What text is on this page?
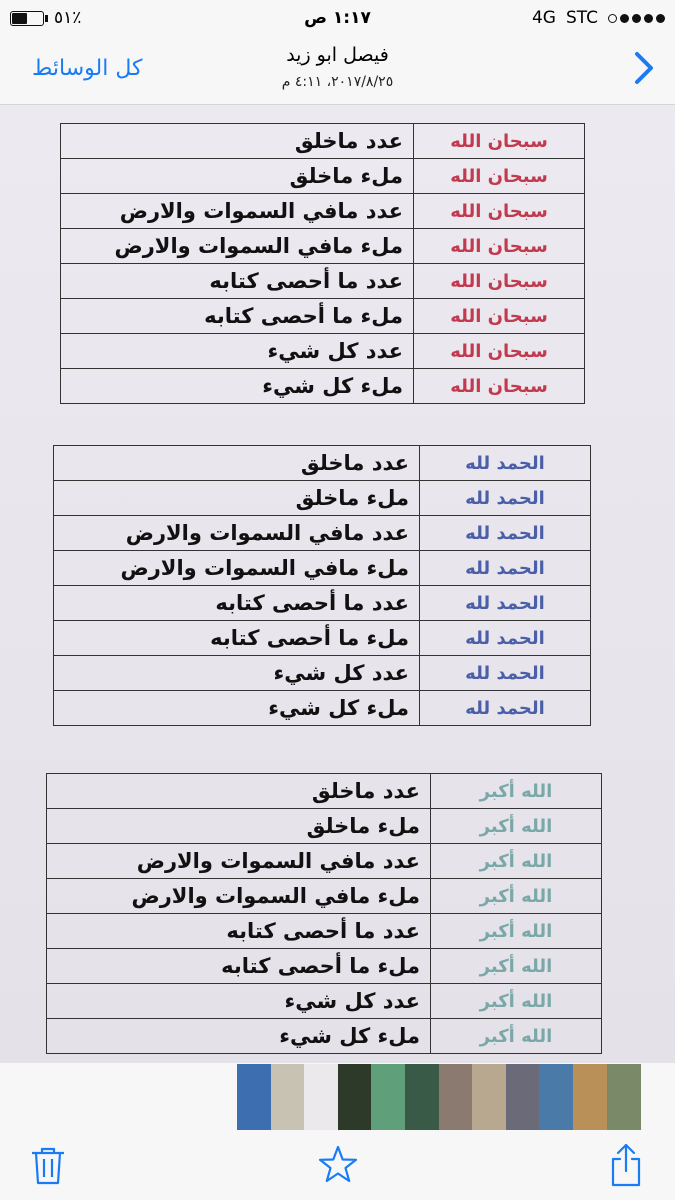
٥١٪	١:١٧ ص	4G STC
كل الوسائط
فيصل ابو زيد
٢٠١٧/٨/٢٥، ٤:١١ م
سبحان الله	عدد ماخلق
سبحان الله	ملء ماخلق
سبحان الله	عدد مافي السموات والارض
سبحان الله	ملء مافي السموات والارض
سبحان الله	عدد ما أحصى كتابه
سبحان الله	ملء ما أحصى كتابه
سبحان الله	عدد كل شيء
سبحان الله	ملء كل شيء
الحمد لله	عدد ماخلق
الحمد لله	ملء ماخلق
الحمد لله	عدد مافي السموات والارض
الحمد لله	ملء مافي السموات والارض
الحمد لله	عدد ما أحصى كتابه
الحمد لله	ملء ما أحصى كتابه
الحمد لله	عدد كل شيء
الحمد لله	ملء كل شيء
الله أكبر	عدد ماخلق
الله أكبر	ملء ماخلق
الله أكبر	عدد مافي السموات والارض
الله أكبر	ملء مافي السموات والارض
الله أكبر	عدد ما أحصى كتابه
الله أكبر	ملء ما أحصى كتابه
الله أكبر	عدد كل شيء
الله أكبر	ملء كل شيء
